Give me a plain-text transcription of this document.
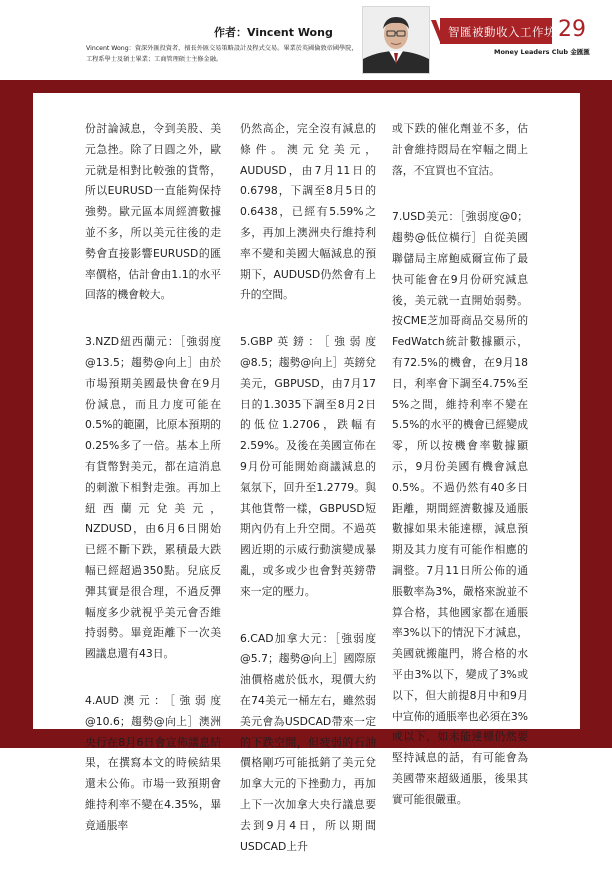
作者：Vincent Wong
Vincent Wong：資深外匯投資者，擅長外匯交易策略設計及程式交易。畢業於英國倫敦帝國學院，工程系學士及碩士畢業；工商管理碩士主修金融。
智匯被動收入工作坊 29
Money Leaders Club 金匯匯

份討論減息，令到美股、美元急挫。除了日圓之外，歐元就是相對比較強的貨幣，所以EURUSD一直能夠保持強勢。歐元區本周經濟數據並不多，所以美元往後的走勢會直接影響EURUSD的匯率價格，估計會由1.1的水平回落的機會較大。

3.NZD紐西蘭元：［強弱度@13.5；趨勢@向上］由於市場預期美國最快會在9月份減息，而且力度可能在0.5%的範圍，比原本預期的0.25%多了一倍。基本上所有貨幣對美元，都在這消息的刺激下相對走強。再加上紐西蘭元兌美元，NZDUSD，由6月6日開始已經不斷下跌，累積最大跌幅已經超過350點。兒底反彈其實是很合理，不過反彈幅度多少就視乎美元會否維持弱勢。畢竟距離下一次美國議息還有43日。

4.AUD澳元：［強弱度@10.6；趨勢@向上］澳洲央行在8月6日會宣佈議息結果，在撰寫本文的時候結果還未公佈。市場一致預期會維持利率不變在4.35%，畢竟通脹率

仍然高企，完全沒有減息的條件。澳元兌美元，AUDUSD，由7月11日的0.6798，下調至8月5日的0.6438，已經有5.59%之多，再加上澳洲央行維持利率不變和美國大幅減息的預期下，AUDUSD仍然會有上升的空間。

5.GBP英鎊：［強弱度@8.5；趨勢@向上］英鎊兌美元，GBPUSD，由7月17日的1.3035下調至8月2日的低位1.2706，跌幅有2.59%。及後在美國宣佈在9月份可能開始商議減息的氣氛下，回升至1.2779。與其他貨幣一樣，GBPUSD短期內仍有上升空間。不過英國近期的示威行動演變成暴亂，或多或少也會對英鎊帶來一定的壓力。

6.CAD加拿大元：［強弱度@5.7；趨勢@向上］國際原油價格處於低水，現價大約在74美元一桶左右，雖然弱美元會為USDCAD帶來一定的下跌空間，但疲弱的石油價格剛巧可能抵銷了美元兌加拿大元的下挫動力，再加上下一次加拿大央行議息要去到9月4日，所以期間USDCAD上升

或下跌的催化劑並不多，估計會維持悶局在窄幅之間上落，不宜買也不宜沽。

7.USD美元：［強弱度@0；趨勢@低位橫行］自從美國聯儲局主席鮑威爾宣佈了最快可能會在9月份研究減息後，美元就一直開始弱勢。按CME芝加哥商品交易所的FedWatch統計數據顯示，有72.5%的機會，在9月18日，利率會下調至4.75%至5%之間，維持利率不變在5.5%的水平的機會已經變成零，所以按機會率數據顯示，9月份美國有機會減息0.5%。不過仍然有40多日距離，期間經濟數據及通脹數據如果未能達標，減息預期及其力度有可能作相應的調整。7月11日所公佈的通脹數率為3%，嚴格來說並不算合格，其他國家都在通脹率3%以下的情況下才減息，美國就搬龍門，將合格的水平由3%以下，變成了3%或以下，但大前提8月中和9月中宣佈的通脹率也必須在3%或以下，如未能達標仍然要堅持減息的話，有可能會為美國帶來超級通脹，後果其實可能很嚴重。
